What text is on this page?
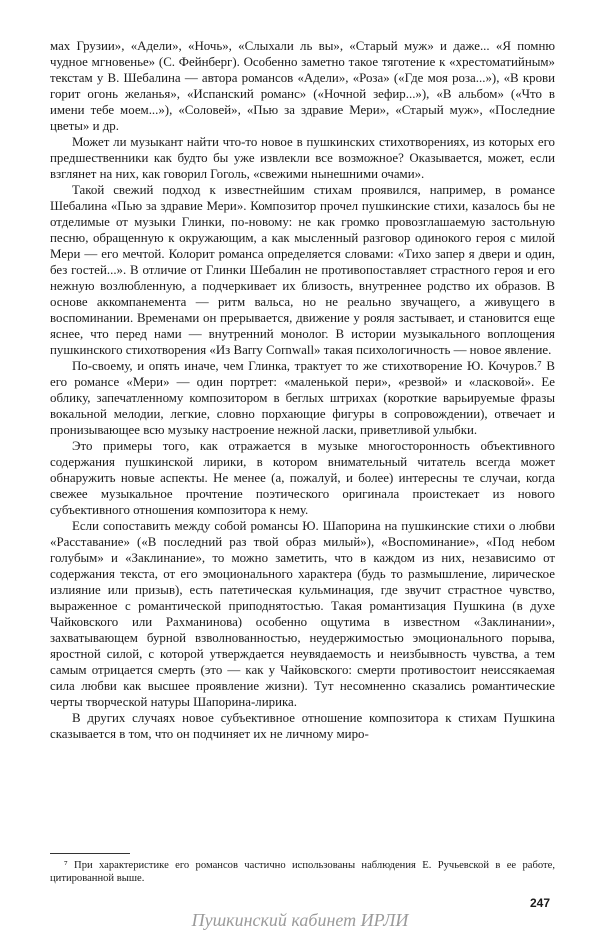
мах Грузии», «Адели», «Ночь», «Слыхали ль вы», «Старый муж» и даже... «Я помню чудное мгновенье» (С. Фейнберг). Особенно заметно такое тяготение к «хрестоматийным» текстам у В. Шебалина — автора романсов «Адели», «Роза» («Где моя роза...»), «В крови горит огонь желанья», «Испанский романс» («Ночной зефир...»), «В альбом» («Что в имени тебе моем...»), «Соловей», «Пью за здравие Мери», «Старый муж», «Последние цветы» и др.

Может ли музыкант найти что-то новое в пушкинских стихотворениях, из которых его предшественники как будто бы уже извлекли все возможное? Оказывается, может, если взглянет на них, как говорил Гоголь, «свежими нынешними очами».

Такой свежий подход к известнейшим стихам проявился, например, в романсе Шебалина «Пью за здравие Мери». Композитор прочел пушкинские стихи, казалось бы не отделимые от музыки Глинки, по-новому: не как громко провозглашаемую застольную песню, обращенную к окружающим, а как мысленный разговор одинокого героя с милой Мери — его мечтой. Колорит романса определяется словами: «Тихо запер я двери и один, без гостей...». В отличие от Глинки Шебалин не противопоставляет страстного героя и его нежную возлюбленную, а подчеркивает их близость, внутреннее родство их образов. В основе аккомпанемента — ритм вальса, но не реально звучащего, а живущего в воспоминании. Временами он прерывается, движение у рояля застывает, и становится еще яснее, что перед нами — внутренний монолог. В истории музыкального воплощения пушкинского стихотворения «Из Barry Cornwall» такая психологичность — новое явление.

По-своему, и опять иначе, чем Глинка, трактует то же стихотворение Ю. Кочуров.⁷ В его романсе «Мери» — один портрет: «маленькой пери», «резвой» и «ласковой». Ее облику, запечатленному композитором в беглых штрихах (короткие варьируемые фразы вокальной мелодии, легкие, словно порхающие фигуры в сопровождении), отвечает и пронизывающее всю музыку настроение нежной ласки, приветливой улыбки.

Это примеры того, как отражается в музыке многосторонность объективного содержания пушкинской лирики, в котором внимательный читатель всегда может обнаружить новые аспекты. Не менее (а, пожалуй, и более) интересны те случаи, когда свежее музыкальное прочтение поэтического оригинала проистекает из нового субъективного отношения композитора к нему.

Если сопоставить между собой романсы Ю. Шапорина на пушкинские стихи о любви «Расставание» («В последний раз твой образ милый»), «Воспоминание», «Под небом голубым» и «Заклинание», то можно заметить, что в каждом из них, независимо от содержания текста, от его эмоционального характера (будь то размышление, лирическое излияние или призыв), есть патетическая кульминация, где звучит страстное чувство, выраженное с романтической приподнятостью. Такая романтизация Пушкина (в духе Чайковского или Рахманинова) особенно ощутима в известном «Заклинании», захватывающем бурной взволнованностью, неудержимостью эмоционального порыва, яростной силой, с которой утверждается неувядаемость и неизбывность чувства, а тем самым отрицается смерть (это — как у Чайковского: смерти противостоит неиссякаемая сила любви как высшее проявление жизни). Тут несомненно сказались романтические черты творческой натуры Шапорина-лирика.

В других случаях новое субъективное отношение композитора к стихам Пушкина сказывается в том, что он подчиняет их не личному миро-

⁷ При характеристике его романсов частично использованы наблюдения Е. Ручьевской в ее работе, цитированной выше.
247
Пушкинский кабинет ИРЛИ
